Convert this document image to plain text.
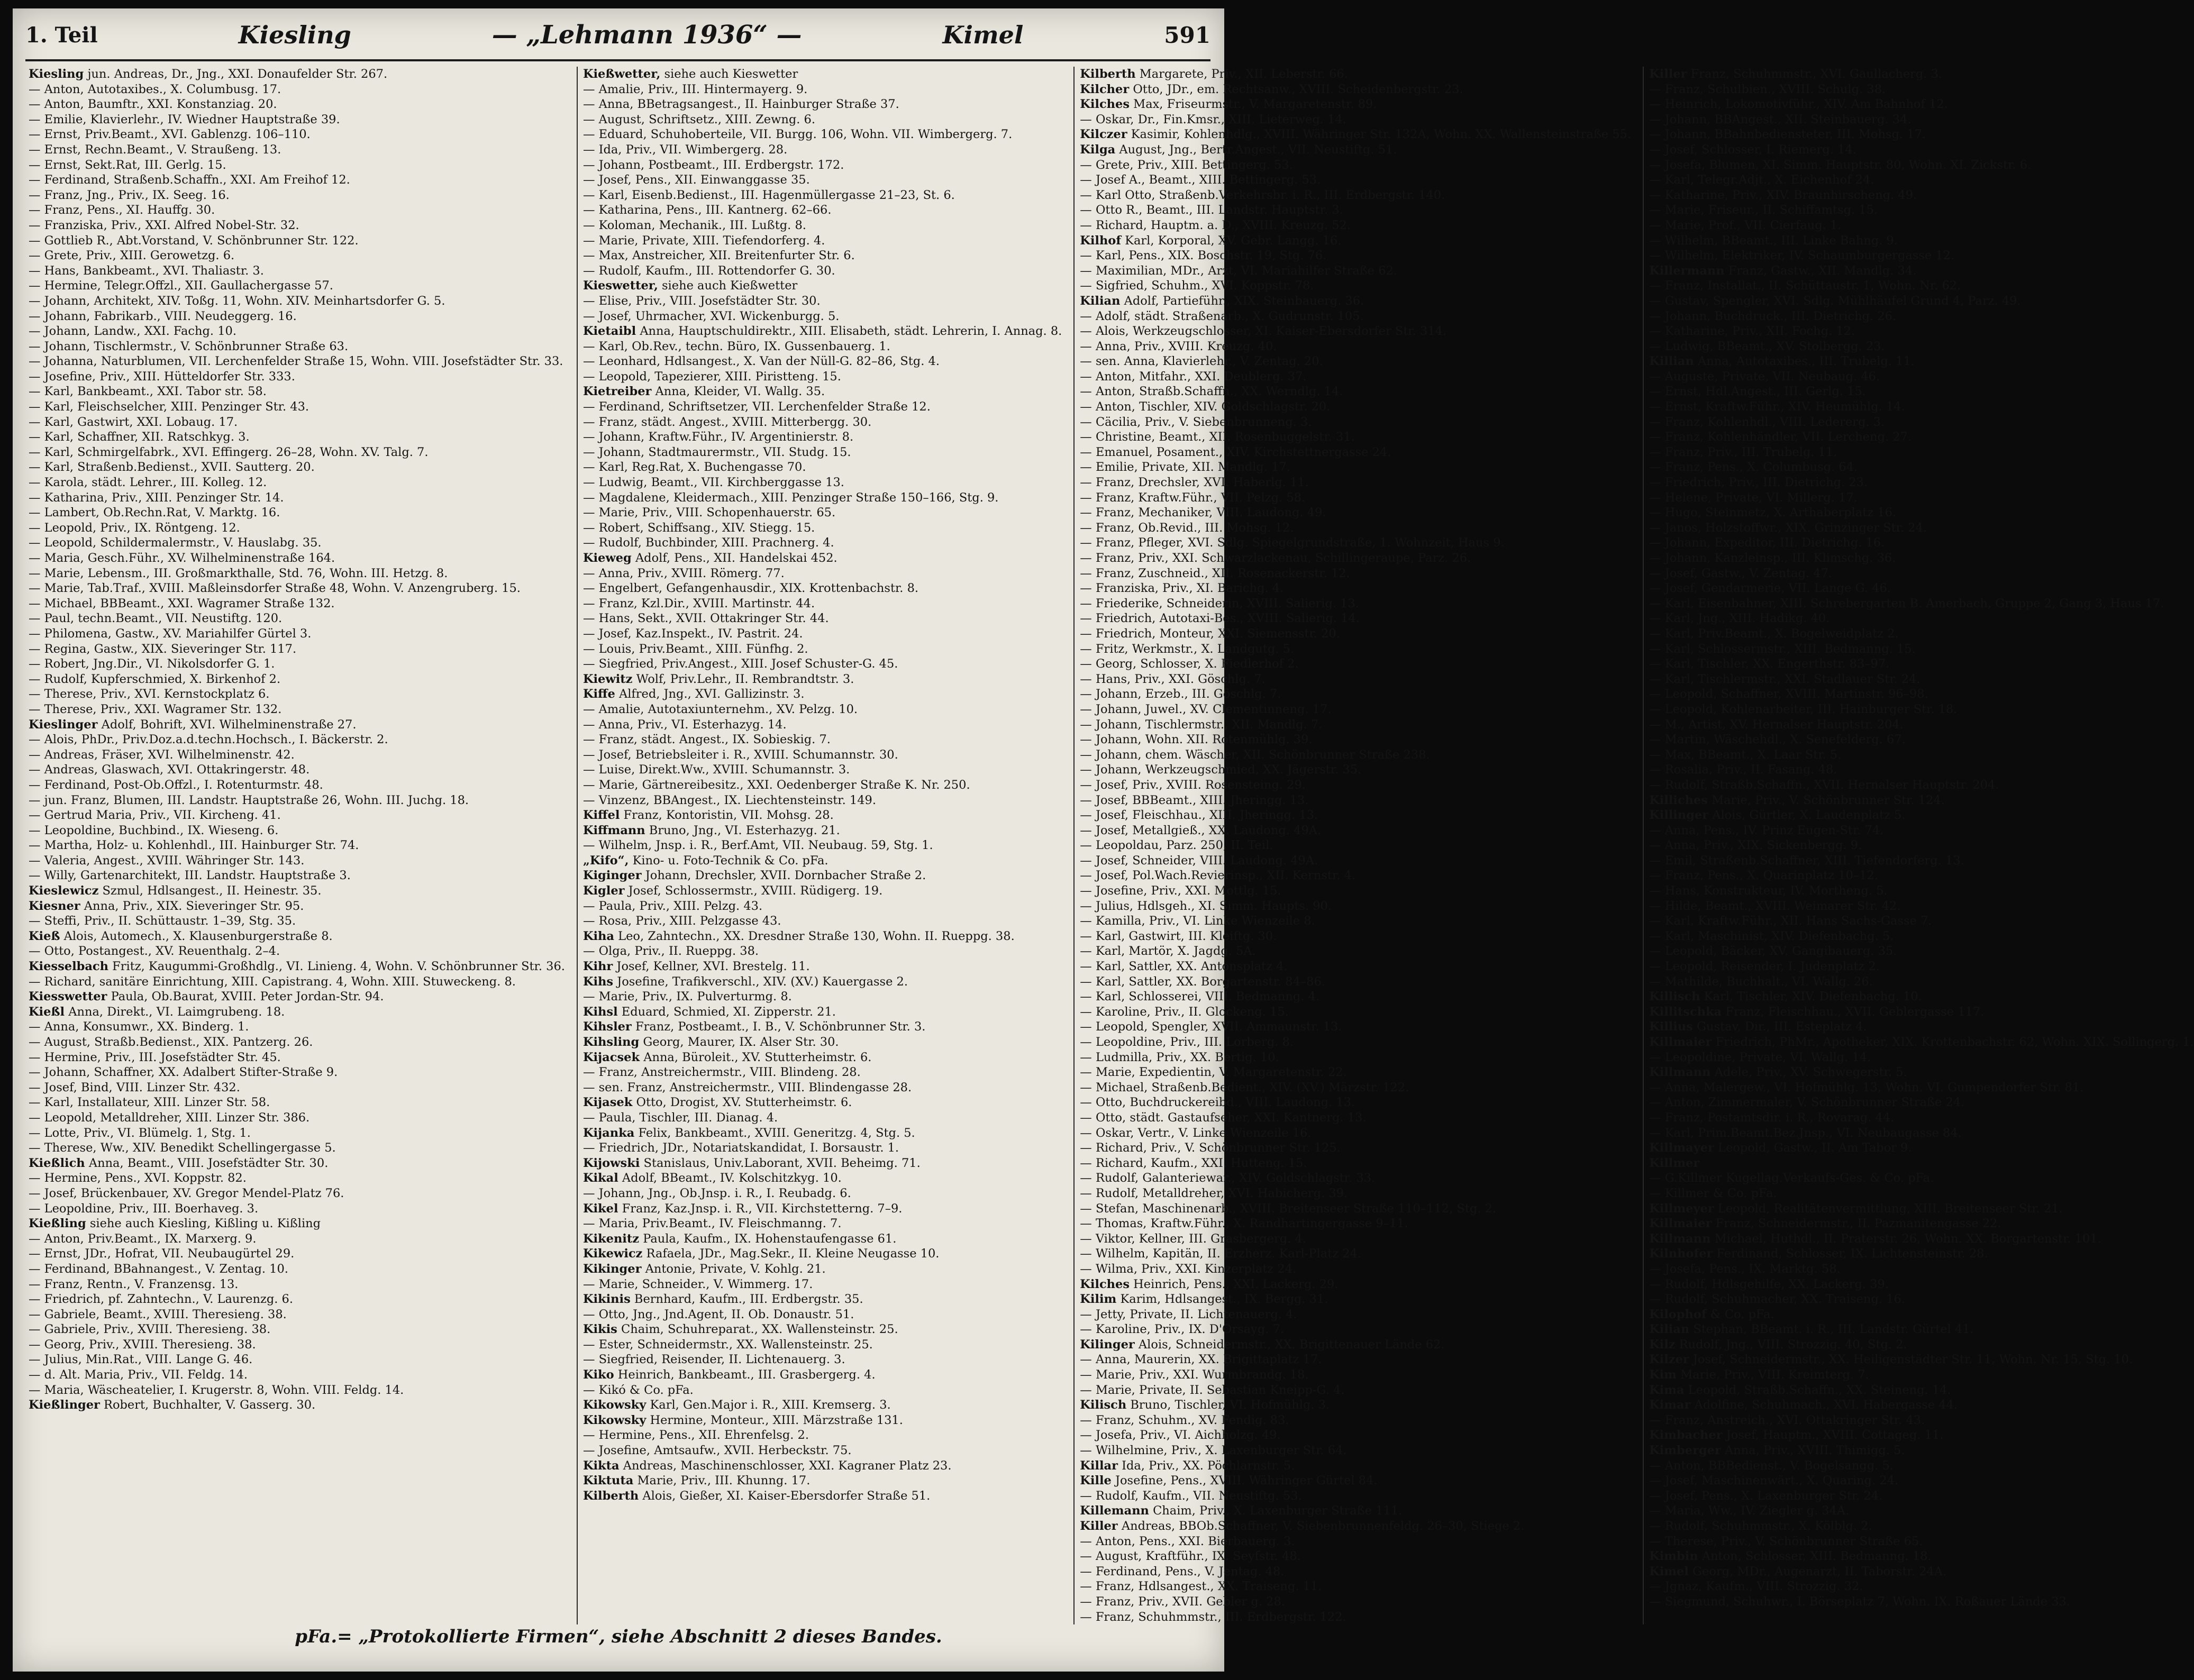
1. Teil	Kiesling	— „Lehmann 1936“ —	Kimel	591

Kiesling jun. Andreas, Dr., Jng., XXI. Donaufelder Str. 267.

— Anton, Autotaxibes., X. Columbusg. 17.

— Anton, Baumftr., XXI. Konstanziag. 20.

— Emilie, Klavierlehr., IV. Wiedner Hauptstraße 39.

— Ernst, Priv.Beamt., XVI. Gablenzg. 106–110.

— Ernst, Rechn.Beamt., V. Straußeng. 13.

— Ernst, Sekt.Rat, III. Gerlg. 15.

— Ferdinand, Straßenb.Schaffn., XXI. Am Freihof 12.

— Franz, Jng., Priv., IX. Seeg. 16.

— Franz, Pens., XI. Hauffg. 30.

— Franziska, Priv., XXI. Alfred Nobel-Str. 32.

— Gottlieb R., Abt.Vorstand, V. Schönbrunner Str. 122.

— Grete, Priv., XIII. Gerowetzg. 6.

— Hans, Bankbeamt., XVI. Thaliastr. 3.

— Hermine, Telegr.Offzl., XII. Gaullachergasse 57.

— Johann, Architekt, XIV. Toßg. 11, Wohn. XIV. Meinhartsdorfer G. 5.

— Johann, Fabrikarb., VIII. Neudeggerg. 16.

— Johann, Landw., XXI. Fachg. 10.

— Johann, Tischlermstr., V. Schönbrunner Straße 63.

— Johanna, Naturblumen, VII. Lerchenfelder Straße 15, Wohn. VIII. Josefstädter Str. 33.

— Josefine, Priv., XIII. Hütteldorfer Str. 333.

— Karl, Bankbeamt., XXI. Tabor str. 58.

— Karl, Fleischselcher, XIII. Penzinger Str. 43.

— Karl, Gastwirt, XXI. Lobaug. 17.

— Karl, Schaffner, XII. Ratschkyg. 3.

— Karl, Schmirgelfabrk., XVI. Effingerg. 26–28, Wohn. XV. Talg. 7.

— Karl, Straßenb.Bedienst., XVII. Sautterg. 20.

— Karola, städt. Lehrer., III. Kolleg. 12.

— Katharina, Priv., XIII. Penzinger Str. 14.

— Lambert, Ob.Rechn.Rat, V. Marktg. 16.

— Leopold, Priv., IX. Röntgeng. 12.

— Leopold, Schildermalermstr., V. Hauslabg. 35.

— Maria, Gesch.Führ., XV. Wilhelminenstraße 164.

— Marie, Lebensm., III. Großmarkthalle, Std. 76, Wohn. III. Hetzg. 8.

— Marie, Tab.Traf., XVIII. Maßleinsdorfer Straße 48, Wohn. V. Anzengruberg. 15.

— Michael, BBBeamt., XXI. Wagramer Straße 132.

— Paul, techn.Beamt., VII. Neustiftg. 120.

— Philomena, Gastw., XV. Mariahilfer Gürtel 3.

— Regina, Gastw., XIX. Sieveringer Str. 117.

— Robert, Jng.Dir., VI. Nikolsdorfer G. 1.

— Rudolf, Kupferschmied, X. Birkenhof 2.

— Therese, Priv., XVI. Kernstockplatz 6.

— Therese, Priv., XXI. Wagramer Str. 132.

Kieslinger Adolf, Bohrift, XVI. Wilhelminenstraße 27.

— Alois, PhDr., Priv.Doz.a.d.techn.Hochsch., I. Bäckerstr. 2.

— Andreas, Fräser, XVI. Wilhelminenstr. 42.

— Andreas, Glaswach, XVI. Ottakringerstr. 48.

— Ferdinand, Post-Ob.Offzl., I. Rotenturmstr. 48.

— jun. Franz, Blumen, III. Landstr. Hauptstraße 26, Wohn. III. Juchg. 18.

— Gertrud Maria, Priv., VII. Kircheng. 41.

— Leopoldine, Buchbind., IX. Wieseng. 6.

— Martha, Holz- u. Kohlenhdl., III. Hainburger Str. 74.

— Valeria, Angest., XVIII. Währinger Str. 143.

— Willy, Gartenarchitekt, III. Landstr. Hauptstraße 3.

Kieslewicz Szmul, Hdlsangest., II. Heinestr. 35.

Kiesner Anna, Priv., XIX. Sieveringer Str. 95.

— Steffi, Priv., II. Schüttaustr. 1–39, Stg. 35.

Kieß Alois, Automech., X. Klausenburgerstraße 8.

— Otto, Postangest., XV. Reuenthalg. 2–4.

Kiesselbach Fritz, Kaugummi-Großhdlg., VI. Linieng. 4, Wohn. V. Schönbrunner Str. 36.

— Richard, sanitäre Einrichtung, XIII. Capistrang. 4, Wohn. XIII. Stuweckeng. 8.

Kiesswetter Paula, Ob.Baurat, XVIII. Peter Jordan-Str. 94.

Kießl Anna, Direkt., VI. Laimgrubeng. 18.

— Anna, Konsumwr., XX. Binderg. 1.

— August, Straßb.Bedienst., XIX. Pantzerg. 26.

— Hermine, Priv., III. Josefstädter Str. 45.

— Johann, Schaffner, XX. Adalbert Stifter-Straße 9.

— Josef, Bind, VIII. Linzer Str. 432.

— Karl, Installateur, XIII. Linzer Str. 58.

— Leopold, Metalldreher, XIII. Linzer Str. 386.

— Lotte, Priv., VI. Blümelg. 1, Stg. 1.

— Therese, Ww., XIV. Benedikt Schellingergasse 5.

Kießlich Anna, Beamt., VIII. Josefstädter Str. 30.

— Hermine, Pens., XVI. Koppstr. 82.

— Josef, Brückenbauer, XV. Gregor Mendel-Platz 76.

— Leopoldine, Priv., III. Boerhaveg. 3.

Kießling siehe auch Kiesling, Kißling u. Kißling

— Anton, Priv.Beamt., IX. Marxerg. 9.

— Ernst, JDr., Hofrat, VII. Neubaugürtel 29.

— Ferdinand, BBahnangest., V. Zentag. 10.

— Franz, Rentn., V. Franzensg. 13.

— Friedrich, pf. Zahntechn., V. Laurenzg. 6.

— Gabriele, Beamt., XVIII. Theresieng. 38.

— Gabriele, Priv., XVIII. Theresieng. 38.

— Georg, Priv., XVIII. Theresieng. 38.

— Julius, Min.Rat., VIII. Lange G. 46.

— d. Alt. Maria, Priv., VII. Feldg. 14.

— Maria, Wäscheatelier, I. Krugerstr. 8, Wohn. VIII. Feldg. 14.

Kießlinger Robert, Buchhalter, V. Gasserg. 30.

Kießwetter, siehe auch Kieswetter

— Amalie, Priv., III. Hintermayerg. 9.

— Anna, BBetragsangest., II. Hainburger Straße 37.

— August, Schriftsetz., XIII. Zewng. 6.

— Eduard, Schuhoberteile, VII. Burgg. 106, Wohn. VII. Wimbergerg. 7.

— Ida, Priv., VII. Wimbergerg. 28.

— Johann, Postbeamt., III. Erdbergstr. 172.

— Josef, Pens., XII. Einwanggasse 35.

— Karl, Eisenb.Bedienst., III. Hagenmüllergasse 21–23, St. 6.

— Katharina, Pens., III. Kantnerg. 62–66.

— Koloman, Mechanik., III. Lußtg. 8.

— Marie, Private, XIII. Tiefendorferg. 4.

— Max, Anstreicher, XII. Breitenfurter Str. 6.

— Rudolf, Kaufm., III. Rottendorfer G. 30.

Kieswetter, siehe auch Kießwetter

— Elise, Priv., VIII. Josefstädter Str. 30.

— Josef, Uhrmacher, XVI. Wickenburgg. 5.

Kietaibl Anna, Hauptschuldirektr., XIII. Elisabeth, städt. Lehrerin, I. Annag. 8.

— Karl, Ob.Rev., techn. Büro, IX. Gussenbauerg. 1.

— Leonhard, Hdlsangest., X. Van der Nüll-G. 82–86, Stg. 4.

— Leopold, Tapezierer, XIII. Piristteng. 15.

Kietreiber Anna, Kleider, VI. Wallg. 35.

— Ferdinand, Schriftsetzer, VII. Lerchenfelder Straße 12.

— Franz, städt. Angest., XVIII. Mitterbergg. 30.

— Johann, Kraftw.Führ., IV. Argentinierstr. 8.

— Johann, Stadtmaurermstr., VII. Studg. 15.

— Karl, Reg.Rat, X. Buchengasse 70.

— Ludwig, Beamt., VII. Kirchberggasse 13.

— Magdalene, Kleidermach., XIII. Penzinger Straße 150–166, Stg. 9.

— Marie, Priv., VIII. Schopenhauerstr. 65.

— Robert, Schiffsang., XIV. Stiegg. 15.

— Rudolf, Buchbinder, XIII. Prachnerg. 4.

Kieweg Adolf, Pens., XII. Handelskai 452.

— Anna, Priv., XVIII. Römerg. 77.

— Engelbert, Gefangenhausdir., XIX. Krottenbachstr. 8.

— Franz, Kzl.Dir., XVIII. Martinstr. 44.

— Hans, Sekt., XVII. Ottakringer Str. 44.

— Josef, Kaz.Inspekt., IV. Pastrit. 24.

— Louis, Priv.Beamt., XIII. Fünfhg. 2.

— Siegfried, Priv.Angest., XIII. Josef Schuster-G. 45.

Kiewitz Wolf, Priv.Lehr., II. Rembrandtstr. 3.

Kiffe Alfred, Jng., XVI. Gallizinstr. 3.

— Amalie, Autotaxiunternehm., XV. Pelzg. 10.

— Anna, Priv., VI. Esterhazyg. 14.

— Franz, städt. Angest., IX. Sobieskig. 7.

— Josef, Betriebsleiter i. R., XVIII. Schumannstr. 30.

— Luise, Direkt.Ww., XVIII. Schumannstr. 3.

— Marie, Gärtnereibesitz., XXI. Oedenberger Straße K. Nr. 250.

— Vinzenz, BBAngest., IX. Liechtensteinstr. 149.

Kiffel Franz, Kontoristin, VII. Mohsg. 28.

Kiffmann Bruno, Jng., VI. Esterhazyg. 21.

— Wilhelm, Jnsp. i. R., Berf.Amt, VII. Neubaug. 59, Stg. 1.

„Kifo“, Kino- u. Foto-Technik & Co. pFa.

Kiginger Johann, Drechsler, XVII. Dornbacher Straße 2.

Kigler Josef, Schlossermstr., XVIII. Rüdigerg. 19.

— Paula, Priv., XIII. Pelzg. 43.

— Rosa, Priv., XIII. Pelzgasse 43.

Kiha Leo, Zahntechn., XX. Dresdner Straße 130, Wohn. II. Rueppg. 38.

— Olga, Priv., II. Rueppg. 38.

Kihr Josef, Kellner, XVI. Brestelg. 11.

Kihs Josefine, Trafikverschl., XIV. (XV.) Kauergasse 2.

— Marie, Priv., IX. Pulverturmg. 8.

Kihsl Eduard, Schmied, XI. Zipperstr. 21.

Kihsler Franz, Postbeamt., I. B., V. Schönbrunner Str. 3.

Kihsling Georg, Maurer, IX. Alser Str. 30.

Kijacsek Anna, Büroleit., XV. Stutterheimstr. 6.

— Franz, Anstreichermstr., VIII. Blindeng. 28.

— sen. Franz, Anstreichermstr., VIII. Blindengasse 28.

Kijasek Otto, Drogist, XV. Stutterheimstr. 6.

— Paula, Tischler, III. Dianag. 4.

Kijanka Felix, Bankbeamt., XVIII. Generitzg. 4, Stg. 5.

— Friedrich, JDr., Notariatskandidat, I. Borsaustr. 1.

Kijowski Stanislaus, Univ.Laborant, XVII. Beheimg. 71.

Kikal Adolf, BBeamt., IV. Kolschitzkyg. 10.

— Johann, Jng., Ob.Jnsp. i. R., I. Reubadg. 6.

Kikel Franz, Kaz.Jnsp. i. R., VII. Kirchstetterng. 7–9.

— Maria, Priv.Beamt., IV. Fleischmanng. 7.

Kikenitz Paula, Kaufm., IX. Hohenstaufengasse 61.

Kikewicz Rafaela, JDr., Mag.Sekr., II. Kleine Neugasse 10.

Kikinger Antonie, Private, V. Kohlg. 21.

— Marie, Schneider., V. Wimmerg. 17.

Kikinis Bernhard, Kaufm., III. Erdbergstr. 35.

— Otto, Jng., Jnd.Agent, II. Ob. Donaustr. 51.

Kikis Chaim, Schuhreparat., XX. Wallensteinstr. 25.

— Ester, Schneidermstr., XX. Wallensteinstr. 25.

— Siegfried, Reisender, II. Lichtenauerg. 3.

Kiko Heinrich, Bankbeamt., III. Grasbergerg. 4.

— Kikó & Co. pFa.

Kikowsky Karl, Gen.Major i. R., XIII. Kremserg. 3.

Kikowsky Hermine, Monteur., XIII. Märzstraße 131.

— Hermine, Pens., XII. Ehrenfelsg. 2.

— Josefine, Amtsaufw., XVII. Herbeckstr. 75.

Kikta Andreas, Maschinenschlosser, XXI. Kagraner Platz 23.

Kiktuta Marie, Priv., III. Khunng. 17.

Kilberth Alois, Gießer, XI. Kaiser-Ebersdorfer Straße 51.

Kilberth Margarete, Priv., XII. Leberstr. 66.

Kilcher Otto, JDr., em. Rechtsanw., XVIII. Scheidenbergstr. 23.

Kilches Max, Friseurmstr., V. Margaretenstr. 89.

— Oskar, Dr., Fin.Kmsr., XIII. Lieterweg. 14.

Kilczer Kasimir, Kohlenhdlg., XVIII. Währinger Str. 132A, Wohn. XX. Wallensteinstraße 55.

Kilga August, Jng., Bertr.Angest., VII. Neustiftg. 51.

— Grete, Priv., XIII. Bettingerg. 53.

— Josef A., Beamt., XIII. Bettingerg. 53.

— Karl Otto, Straßenb.Verkehrsbr. i. R., III. Erdbergstr. 140.

— Otto R., Beamt., III. Landstr. Hauptstr. 3.

— Richard, Hauptm. a. D., XVIII. Kreuzg. 52.

Kilhof Karl, Korporal, XV. Gebr. Langg. 16.

— Karl, Pens., XIX. Boschstr. 19, Stg. 76.

— Maximilian, MDr., Arzt, VI. Mariahilfer Straße 62.

— Sigfried, Schuhm., XVI. Koppstr. 78.

Kilian Adolf, Partieführ., XIX. Steinbauerg. 36.

— Adolf, städt. Straßenarb., X. Gudrunstr. 105.

— Alois, Werkzeugschlosser, XI. Kaiser-Ebersdorfer Str. 314.

— Anna, Priv., XVIII. Kreuzg. 40.

— sen. Anna, Klavierlehr., V. Zentag. 20.

— Anton, Mitfahr., XXI. Deublerg. 37.

— Anton, Straßb.Schaffn., XX. Werndlg. 14.

— Anton, Tischler, XIV. Goldschlagstr. 20.

— Cäcilia, Priv., V. Siebenbrunneng. 3.

— Christine, Beamt., XII. Rosenbuggelstr. 31.

— Emanuel, Posament., XIV. Kirchstettnergasse 24.

— Emilie, Private, XII. Mandlg. 17.

— Franz, Drechsler, XVI. Haberlg. 11.

— Franz, Kraftw.Führ., VII. Pelzg. 58.

— Franz, Mechaniker, VIII. Laudong. 49.

— Franz, Ob.Revid., III. Mohsg. 12.

— Franz, Pfleger, XVI. Sdlg. Spiegelgrundstraße, 1. Wohnzeit, Haus 9.

— Franz, Priv., XXI. Schwarzlackenau, Schillingeraupe, Parz. 26.

— Franz, Zuschneid., XII. Rosenackerstr. 12.

— Franziska, Priv., XI. Barichg. 4.

— Friederike, Schneiderin, XVIII. Salierig. 13.

— Friedrich, Autotaxi-Bes., XVIII. Salierig. 14.

— Friedrich, Monteur, XXI. Siemensstr. 20.

— Fritz, Werkmstr., X. Landgutg. 5.

— Georg, Schlosser, X. Fiedlerhof 2.

— Hans, Priv., XXI. Göschlg. 7.

— Johann, Erzeb., III. Göschlg. 7.

— Johann, Juwel., XV. Clementinneng. 17.

— Johann, Tischlermstr., XII. Mandlg. 7.

— Johann, Wohn. XII. Rotenmühlg. 39.

— Johann, chem. Wäscher, XII. Schönbrunner Straße 238.

— Johann, Werkzeugschmied, XX. Jägerstr. 35.

— Josef, Priv., XVIII. Rosensteing. 29.

— Josef, BBBeamt., XIII. Jheringg. 13.

— Josef, Fleischhau., XIII. Jheringg. 13.

— Josef, Metallgieß., XX. Laudong. 49A.

— Leopoldau, Parz. 250, II. Teil.

— Josef, Schneider, VIII. Laudong. 49A.

— Josef, Pol.Wach.Revierinsp., XII. Kernstr. 4.

— Josefine, Priv., XXI. Mottlg. 15.

— Julius, Hdlsgeh., XI. Simm. Haupts. 90.

— Kamilla, Priv., VI. Linke Wienzeile 8.

— Karl, Gastwirt, III. Kleiftg. 30.

— Karl, Martör, X. Jagdg. 5A.

— Karl, Sattler, XX. Antonsplatz 4.

— Karl, Sattler, XX. Borgartenstr. 84–86.

— Karl, Schlosserei, VIII. Bedmanng. 4.

— Karoline, Priv., II. Glockeng. 15.

— Leopold, Spengler, XVII. Ammaunstr. 13.

— Leopoldine, Priv., III. Lorberg. 8.

— Ludmilla, Priv., XX. Bertig. 10.

— Marie, Expedientin, V. Margaretenstr. 22.

— Michael, Straßenb.Bedient., XIV. (XV.) Märzstr. 122.

— Otto, Buchdruckereibd., VIII. Laudong. 13.

— Otto, städt. Gastaufseher, XXI. Kantnerg. 13.

— Oskar, Vertr., V. Linke Wienzeile 16.

— Richard, Priv., V. Schönbrunner Str. 125.

— Richard, Kaufm., XXI. Hutteng. 15.

— Rudolf, Galanteriewar., XIV. Goldschlagstr. 33.

— Rudolf, Metalldreher, XVI. Habicherg. 39.

— Stefan, Maschinenarb., XVIII. Breitenseer Straße 110–112, Stg. 2.

— Thomas, Kraftw.Führ., X. Randhartingergasse 9–11.

— Viktor, Kellner, III. Grasbergerg. 4.

— Wilhelm, Kapitän, II. Erzherz. Karl-Platz 24.

— Wilma, Priv., XXI. Kinzerplatz 24.

Kilches Heinrich, Pens., XXI. Lackerg. 29.

Kilim Karim, Hdlsangest., IX. Bergg. 31.

— Jetty, Private, II. Lichtenauerg. 4.

— Karoline, Priv., IX. D'Orsayg. 7.

Kilinger Alois, Schneidermstr., XX. Brigittenauer Lände 62.

— Anna, Maurerin, XX. Brigittaplatz 17.

— Marie, Priv., XXI. Wurmbrandg. 18.

— Marie, Private, II. Sebastian Kneipp-G. 4.

Kilisch Bruno, Tischler, VI. Hofmühlg. 3.

— Franz, Schuhm., XV. Fendig. 83.

— Josefa, Priv., VI. Aichholzg. 49.

— Wilhelmine, Priv., X. Laxenburger Str. 64.

Killar Ida, Priv., XX. Pöchlarnstr. 5.

Kille Josefine, Pens., XVIII. Währinger Gürtel 84.

— Rudolf, Kaufm., VII. Neustiftg. 53.

Killemann Chaim, Priv., X. Laxenburger Straße 111.

Killer Andreas, BBOb.Schaffner, V. Siebenbrunnenfeldg. 26–30, Stiege 2.

— Anton, Pens., XXI. Bierbauerg. 3.

— August, Kraftführ., IX. Seyfstr. 48.

— Ferdinand, Pens., V. Jentag. 48.

— Franz, Hdlsangest., XX. Traiseng. 11.

— Franz, Priv., XVII. Gebler g. 28.

— Franz, Schuhmmstr., III. Erdbergstr. 122.

Killer Franz, Schuhmmstr., XVI. Gaullacherg. 3.

— Franz, Schulbien., XVIII. Schulg. 38.

— Heinrich, Lokomotivführ., XIV. Am Bahnhof 12.

— Johann, BBAngest., XII. Steinbauerg. 34.

— Johann, BBahnbediensteter, III. Mohsg. 17.

— Josef, Schlosser, I. Riemerg. 14.

— Josefa, Blumen, XI. Simm. Hauptstr. 80, Wohn. XI. Zickstr. 6.

— Karl, Telegr.Adjt., X. Eichenhof 24.

— Katharine, Priv., XIV. Braunhirscheng. 49.

— Marie, Friseur., II. Schiffamtsg. 15.

— Marie, Prof., VII. Cierfaug. 1.

— Wilhelm, BBeamt., III. Linke Bahng. 9.

— Wilhelm, Elektriker, IV. Schaumburgergasse 12.

Killermann Franz, Gastw., XII. Mandlg. 34.

— Franz, Installat., II. Schüttaustr. 1, Wohn. Nr. 62.

— Gustav, Spengler, XVI. Sdlg. Mühlhäufel Grund 4, Parz. 49.

— Johann, Buchdruck., III. Dietrichg. 26.

— Katharine, Priv., XII. Fochg. 12.

— Ludwig, BBeamt., XV. Stolbergg. 23.

Killian Anna, Autotaxibes., III. Trubelg. 11.

— Auguste, Private, VII. Neubaug. 46.

— Ernst, Hdl.Angest., III. Gerlg. 15.

— Ernst, Kraftw.Führ., XIV. Heumühlg. 14.

— Franz, Kohlenhdl., VIII. Ledererg. 3.

— Franz, Kohlenhändler, VII. Lercheng. 27.

— Franz, Priv., III. Trubelg. 11.

— Franz, Pens., X. Columbusg. 64.

— Friedrich, Priv., III. Dietrichg. 23.

— Helene, Private, VI. Millerg. 17.

— Hugo, Steinmetz, X. Arthaberplatz 16.

— Janos, Holzstoffwr., XIX. Grinzinger Str. 24.

— Johann, Expeditor, III. Dietrichg. 16.

— Johann, Kanzleinsp., III. Klimschg. 36.

— Josef, Gastw., V. Zentag. 47.

— Josef, Gendarmerie, VII. Lange G. 46.

— Karl, Eisenbahner, XIII. Schrebergarten B. Amerbach, Gruppe 2, Gang 3, Haus 17.

— Karl, Jng., XIII. Hadikg. 40.

— Karl, Priv.Beamt., X. Bogelweidplatz 2.

— Karl, Schlossermstr., XIII. Bedmanng. 15.

— Karl, Tischler, XX. Engerthstr. 83–97.

— Karl, Tischlermstr., XXI. Stadlauer Str. 24.

— Leopold, Schaffner, XVIII. Martinstr. 96–98.

— Leopold, Kohlenarbeiter, III. Hainburger Str. 18.

— M., Artist, XV. Hernalser Hauptstr. 204.

— Martin, Wäschehdl., X. Senefelderg. 67.

— Max, BBeamt., X. Laar Str. 5.

— Rosalia, Priv., II. Fasang. 48.

— Rudolf, Straßb.Schaffn., XVII. Hernalser Hauptstr. 204.

Killiches Marie, Priv., V. Schönbrunner Str. 124.

Killinger Alois, Gürtler, X. Laudenplatz 5.

— Anna, Pens., IV. Prinz Eugen-Str. 74.

— Anna, Priv., XIX. Sickenbergg. 9.

— Emil, Straßenb.Schaffner, XIII. Tiefendorferg. 13.

— Franz, Pens., X. Quarinplatz 10–12.

— Hans, Konstrukteur, IV. Mortheng. 5.

— Hilde, Beamt., XVIII. Weimarer Str. 42.

— Karl, Kraftw.Führ., XII. Hans Sachs-Gasse 7.

— Karl, Maschinist, XIV. Diefenbachg. 5.

— Leopold, Bäcker, XV. Gangibauerg. 35.

— Leopold, Reisender, I. Judenplatz 2.

— Mathilde, Buchhalt., VI. Wallg. 26.

Killisch Karl, Tischler, XIV. Diefenbachg. 10.

Killitschka Franz, Fleischhau., XVII. Geblergasse 117.

Killius Gustav, Dir., III. Esteplatz 4.

Killmaier Friedrich, PhMr., Apotheker, XIX. Krottenbachstr. 62, Wohn. XIX. Sollingerg. 1.

— Leopoldine, Private, VI. Wallg. 14.

Killmann Adele, Priv., XV. Schwegerstr. 5.

— Anna, Malergew., VI. Hofmühlg. 13, Wohn. VI. Gumpendorfer Str. 81.

— Anton, Zimmermaler, V. Schönbrunner Straße 24.

— Franz, Postamtsdir. i. R., Rovarag. 44.

— Karl, Prim.Beamt.Bez.Jnsp., VI. Neubaugasse 84.

Killmayer Leopold, Gastw., II. Am Tabor 9.

Killmer

— G.Killmer Kugellag.Verkaufs-Ges. & Co. pFa.

— Killmer & Co. pFa.

Killmeyer Leopold, Realitätenvermittlung, XIII. Breitenseer Str. 21.

Killmaier Franz, Schneidermstr., II. Pazmanitengasse 22.

Killmann Michael, Huthdl., II. Praterstr. 26, Wohn. XX. Borgartenstr. 101.

Kilnhofer Ferdinand, Schlosser, IX. Lichtensteinstr. 28.

— Josefa, Pens., IX. Marktg. 58.

— Rudolf, Hdlsgehilfe, XX. Lackerg. 39.

— Rudolf, Schuhmacher, XX. Traiseng. 16.

Kilophof & Co. pFa.

Kilian Stephan, BBeamt. i. R., III. Landstr. Gürtel 41.

Kilz Rudolf, Jng., VIII. Strozzig. 40, Stg. 2.

Kilzer Josef, Schneidermstr., XX. Heiligenstädter Str. 11, Wohn. Nr. 15, Stg. 10.

Kim Marie, Priv., VIII. Kreimterg. 7.

Kima Leopold, Straßb.Schaffn., XX. Steineng. 14.

Kimar Adolfine, Schuhmach., XVI. Habergasse 44.

— Franz, Anstreich., XVI. Ottakringer Str. 43.

Kimbacher Josef, Hauptm., XVIII. Cottageg. 11.

Kimberger Anna, Priv., XVIII. Thimigg. 5.

— Anton, BBBedienst., V. Bogelsangg. 5.

— Josef, Maschinenwärt., X. Quaring. 24.

— Josef, Pens., X. Laxenburger Str. 24.

— Maria, Ww., IV. Ziegler g. 34A.

— Rudolf, Schuhmmstr., X. Kölblg. 2.

— Therese, Priv., V. Schönbrunner Straße 65.

Kimbin Anton, Schlosser, XIII. Bedmanng. 18.

Kimel Georg, MDr., Augenarzt, II. Taborstr. 24A.

— Jgnaz, Kaufm., VIII. Strozzig. 32.

— Siegmund, Schuhwr., I. Börseplatz 7, Wohn. IX. Roßauer Lände 33.

pFa.= „Protokollierte Firmen“, siehe Abschnitt 2 dieses Bandes.
